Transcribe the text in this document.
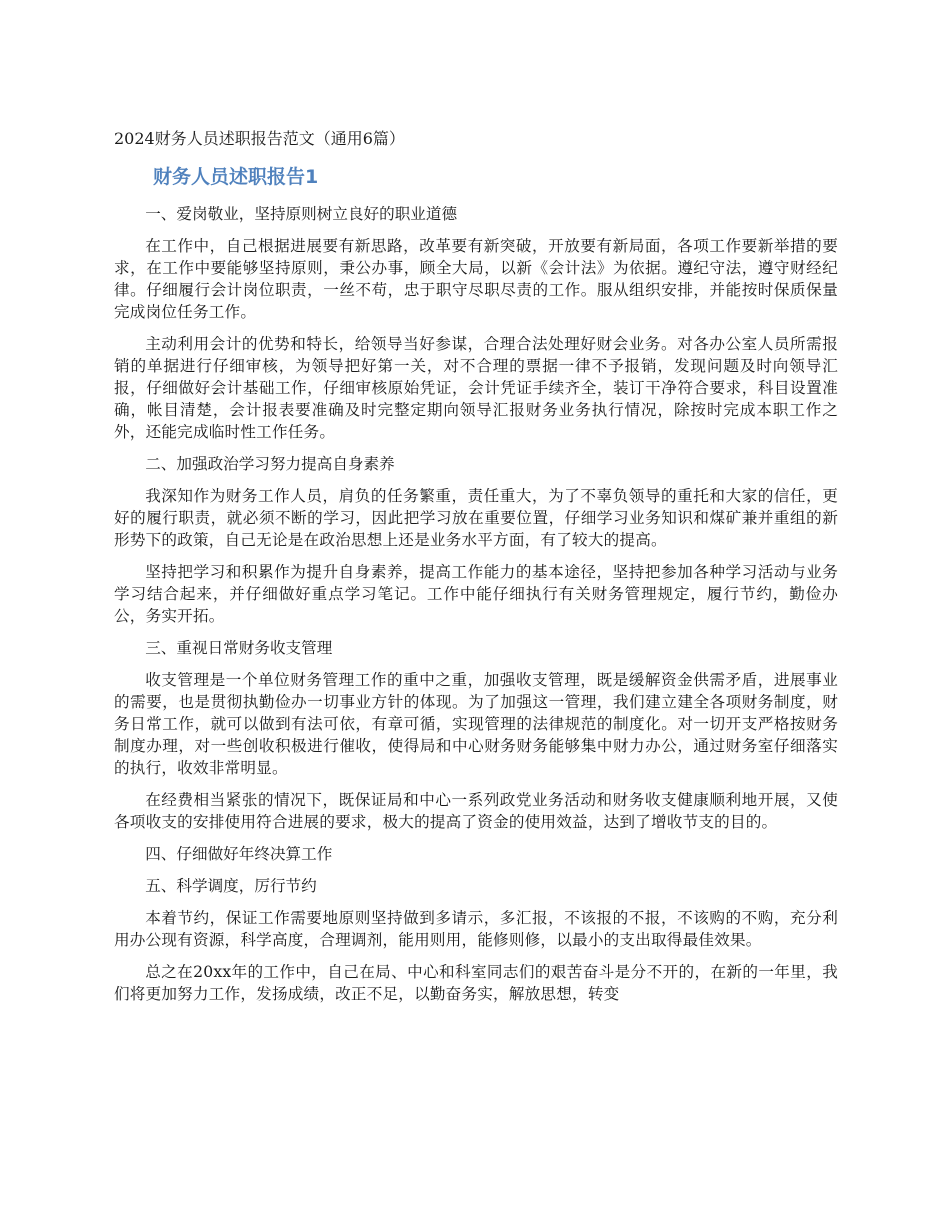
2024财务人员述职报告范文（通用6篇）
财务人员述职报告1

一、爱岗敬业，坚持原则树立良好的职业道德

在工作中，自己根据进展要有新思路，改革要有新突破，开放要有新局面，各项工作要新举措的要求，在工作中要能够坚持原则，秉公办事，顾全大局，以新《会计法》为依据。遵纪守法，遵守财经纪律。仔细履行会计岗位职责，一丝不苟，忠于职守尽职尽责的工作。服从组织安排，并能按时保质保量完成岗位任务工作。

主动利用会计的优势和特长，给领导当好参谋，合理合法处理好财会业务。对各办公室人员所需报销的单据进行仔细审核，为领导把好第一关，对不合理的票据一律不予报销，发现问题及时向领导汇报，仔细做好会计基础工作，仔细审核原始凭证，会计凭证手续齐全，装订干净符合要求，科目设置准确，帐目清楚，会计报表要准确及时完整定期向领导汇报财务业务执行情况，除按时完成本职工作之外，还能完成临时性工作任务。

二、加强政治学习努力提高自身素养

我深知作为财务工作人员，肩负的任务繁重，责任重大，为了不辜负领导的重托和大家的信任，更好的履行职责，就必须不断的学习，因此把学习放在重要位置，仔细学习业务知识和煤矿兼并重组的新形势下的政策，自己无论是在政治思想上还是业务水平方面，有了较大的提高。

坚持把学习和积累作为提升自身素养，提高工作能力的基本途径，坚持把参加各种学习活动与业务学习结合起来，并仔细做好重点学习笔记。工作中能仔细执行有关财务管理规定，履行节约，勤俭办公，务实开拓。

三、重视日常财务收支管理

收支管理是一个单位财务管理工作的重中之重，加强收支管理，既是缓解资金供需矛盾，进展事业的需要，也是贯彻执勤俭办一切事业方针的体现。为了加强这一管理，我们建立建全各项财务制度，财务日常工作，就可以做到有法可依，有章可循，实现管理的法律规范的制度化。对一切开支严格按财务制度办理，对一些创收积极进行催收，使得局和中心财务财务能够集中财力办公，通过财务室仔细落实的执行，收效非常明显。

在经费相当紧张的情况下，既保证局和中心一系列政党业务活动和财务收支健康顺利地开展，又使各项收支的安排使用符合进展的要求，极大的提高了资金的使用效益，达到了增收节支的目的。

四、仔细做好年终决算工作

五、科学调度，厉行节约

本着节约，保证工作需要地原则坚持做到多请示，多汇报，不该报的不报，不该购的不购，充分利用办公现有资源，科学高度，合理调剂，能用则用，能修则修，以最小的支出取得最佳效果。

总之在20xx年的工作中，自己在局、中心和科室同志们的艰苦奋斗是分不开的，在新的一年里，我们将更加努力工作，发扬成绩，改正不足，以勤奋务实，解放思想，转变
